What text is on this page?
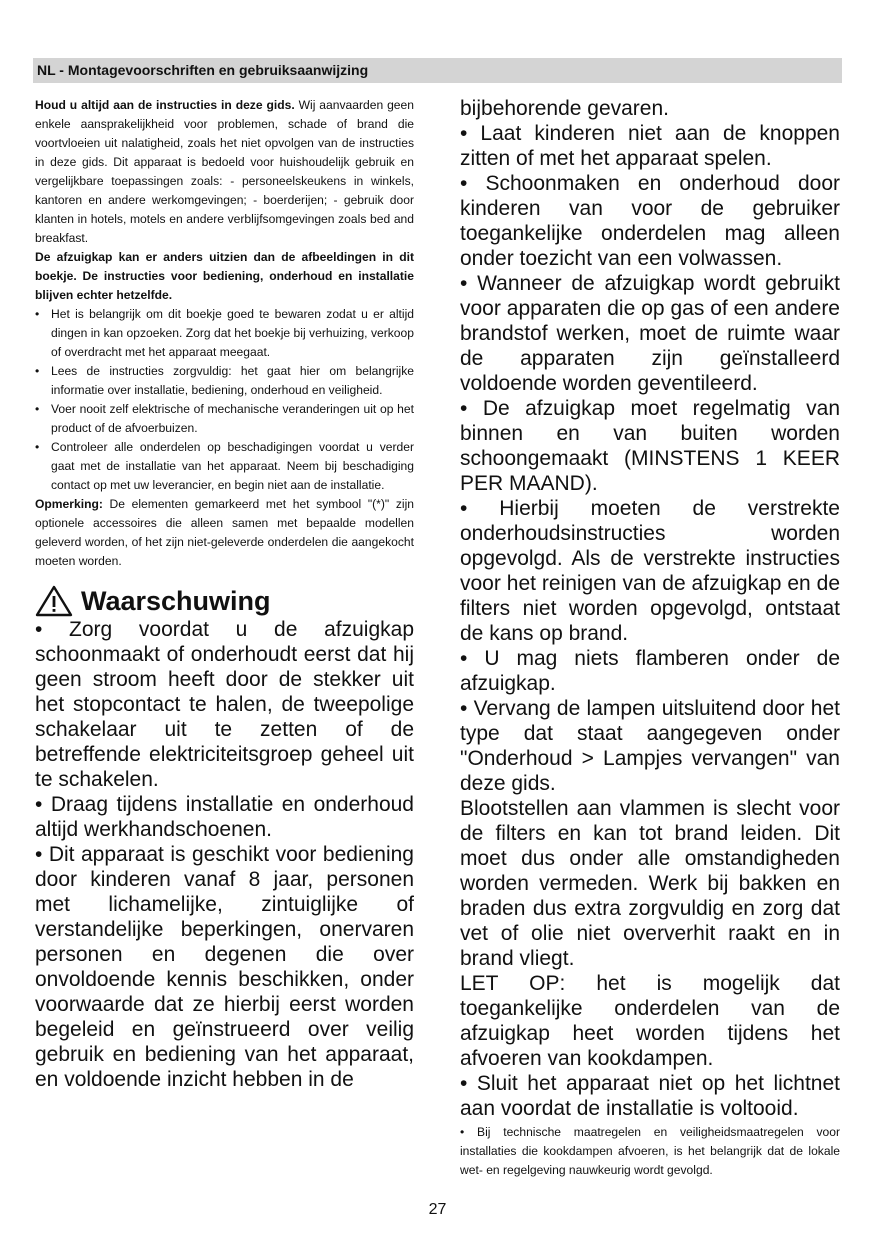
NL - Montagevoorschriften en gebruiksaanwijzing

Houd u altijd aan de instructies in deze gids. Wij aanvaarden geen enkele aansprakelijkheid voor problemen, schade of brand die voortvloeien uit nalatigheid, zoals het niet opvolgen van de instructies in deze gids. Dit apparaat is bedoeld voor huishoudelijk gebruik en vergelijkbare toepassingen zoals: - personeelskeukens in winkels, kantoren en andere werkomgevingen; - boerderijen; - gebruik door klanten in hotels, motels en andere verblijfsomgevingen zoals bed and breakfast.

De afzuigkap kan er anders uitzien dan de afbeeldingen in dit boekje. De instructies voor bediening, onderhoud en installatie blijven echter hetzelfde.

• Het is belangrijk om dit boekje goed te bewaren zodat u er altijd dingen in kan opzoeken. Zorg dat het boekje bij verhuizing, verkoop of overdracht met het apparaat meegaat.
• Lees de instructies zorgvuldig: het gaat hier om belangrijke informatie over installatie, bediening, onderhoud en veiligheid.
• Voer nooit zelf elektrische of mechanische veranderingen uit op het product of de afvoerbuizen.
• Controleer alle onderdelen op beschadigingen voordat u verder gaat met de installatie van het apparaat. Neem bij beschadiging contact op met uw leverancier, en begin niet aan de installatie.

Opmerking: De elementen gemarkeerd met het symbool "(*)" zijn optionele accessoires die alleen samen met bepaalde modellen geleverd worden, of het zijn niet-geleverde onderdelen die aangekocht moeten worden.

Waarschuwing

• Zorg voordat u de afzuigkap schoonmaakt of onderhoudt eerst dat hij geen stroom heeft door de stekker uit het stopcontact te halen, de tweepolige schakelaar uit te zetten of de betreffende elektriciteitsgroep geheel uit te schakelen.

• Draag tijdens installatie en onderhoud altijd werkhandschoenen.

• Dit apparaat is geschikt voor bediening door kinderen vanaf 8 jaar, personen met lichamelijke, zintuiglijke of verstandelijke beperkingen, onervaren personen en degenen die over onvoldoende kennis beschikken, onder voorwaarde dat ze hierbij eerst worden begeleid en geïnstrueerd over veilig gebruik en bediening van het apparaat, en voldoende inzicht hebben in de

bijbehorende gevaren.

• Laat kinderen niet aan de knoppen zitten of met het apparaat spelen.

• Schoonmaken en onderhoud door kinderen van voor de gebruiker toegankelijke onderdelen mag alleen onder toezicht van een volwassen.

• Wanneer de afzuigkap wordt gebruikt voor apparaten die op gas of een andere brandstof werken, moet de ruimte waar de apparaten zijn geïnstalleerd voldoende worden geventileerd.

• De afzuigkap moet regelmatig van binnen en van buiten worden schoongemaakt (MINSTENS 1 KEER PER MAAND).

• Hierbij moeten de verstrekte onderhoudsinstructies worden opgevolgd. Als de verstrekte instructies voor het reinigen van de afzuigkap en de filters niet worden opgevolgd, ontstaat de kans op brand.

• U mag niets flamberen onder de afzuigkap.

• Vervang de lampen uitsluitend door het type dat staat aangegeven onder "Onderhoud > Lampjes vervangen" van deze gids.

Blootstellen aan vlammen is slecht voor de filters en kan tot brand leiden. Dit moet dus onder alle omstandigheden worden vermeden. Werk bij bakken en braden dus extra zorgvuldig en zorg dat vet of olie niet oververhit raakt en in brand vliegt.

LET OP: het is mogelijk dat toegankelijke onderdelen van de afzuigkap heet worden tijdens het afvoeren van kookdampen.

• Sluit het apparaat niet op het lichtnet aan voordat de installatie is voltooid.

• Bij technische maatregelen en veiligheidsmaatregelen voor installaties die kookdampen afvoeren, is het belangrijk dat de lokale wet- en regelgeving nauwkeurig wordt gevolgd.

27
